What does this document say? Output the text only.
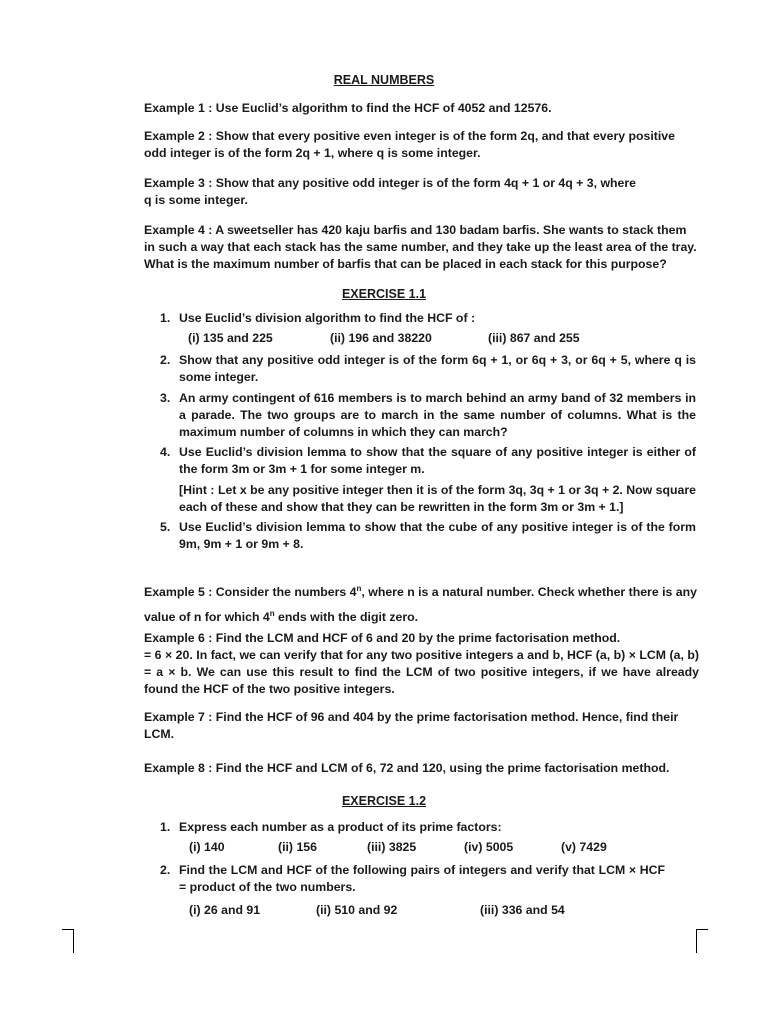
REAL NUMBERS
Example 1 : Use Euclid’s algorithm to find the HCF of 4052 and 12576.
Example 2 : Show that every positive even integer is of the form 2q, and that every positive odd integer is of the form 2q + 1, where q is some integer.
Example 3 : Show that any positive odd integer is of the form 4q + 1 or 4q + 3, where q is some integer.
Example 4 : A sweetseller has 420 kaju barfis and 130 badam barfis. She wants to stack them in such a way that each stack has the same number, and they take up the least area of the tray. What is the maximum number of barfis that can be placed in each stack for this purpose?
EXERCISE 1.1
1. Use Euclid’s division algorithm to find the HCF of :
(i) 135 and 225	(ii) 196 and 38220	(iii) 867 and 255
2. Show that any positive odd integer is of the form 6q + 1, or 6q + 3, or 6q + 5, where q is some integer.
3. An army contingent of 616 members is to march behind an army band of 32 members in a parade. The two groups are to march in the same number of columns. What is the maximum number of columns in which they can march?
4. Use Euclid’s division lemma to show that the square of any positive integer is either of the form 3m or 3m + 1 for some integer m.
[Hint : Let x be any positive integer then it is of the form 3q, 3q + 1 or 3q + 2. Now square each of these and show that they can be rewritten in the form 3m or 3m + 1.]
5. Use Euclid’s division lemma to show that the cube of any positive integer is of the form 9m, 9m + 1 or 9m + 8.
Example 5 : Consider the numbers 4$^n$, where n is a natural number. Check whether there is any value of n for which 4$^n$ ends with the digit zero.
Example 6 : Find the LCM and HCF of 6 and 20 by the prime factorisation method.
= 6 × 20. In fact, we can verify that for any two positive integers a and b, HCF (a, b) × LCM (a, b) = a × b. We can use this result to find the LCM of two positive integers, if we have already found the HCF of the two positive integers.
Example 7 : Find the HCF of 96 and 404 by the prime factorisation method. Hence, find their LCM.
Example 8 : Find the HCF and LCM of 6, 72 and 120, using the prime factorisation method.
EXERCISE 1.2
1. Express each number as a product of its prime factors:
(i) 140	(ii) 156	(iii) 3825	(iv) 5005	(v) 7429
2. Find the LCM and HCF of the following pairs of integers and verify that LCM × HCF = product of the two numbers.
(i) 26 and 91	(ii) 510 and 92	(iii) 336 and 54
